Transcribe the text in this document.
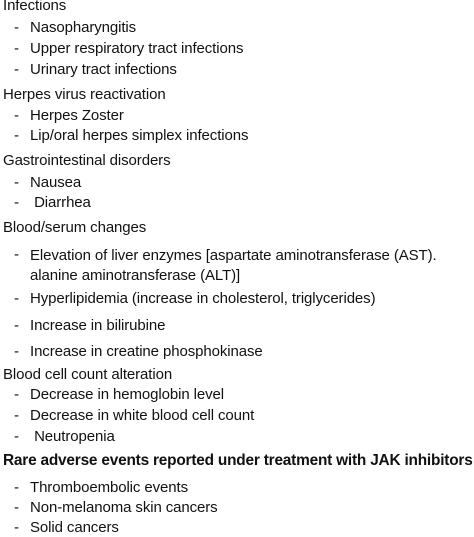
Infections
- Nasopharyngitis
- Upper respiratory tract infections
- Urinary tract infections
Herpes virus reactivation
- Herpes Zoster
- Lip/oral herpes simplex infections
Gastrointestinal disorders
- Nausea
- Diarrhea
Blood/serum changes
- Elevation of liver enzymes [aspartate aminotransferase (AST). alanine aminotransferase (ALT)]
- Hyperlipidemia (increase in cholesterol, triglycerides)
- Increase in bilirubine
- Increase in creatine phosphokinase
Blood cell count alteration
- Decrease in hemoglobin level
- Decrease in white blood cell count
- Neutropenia
Rare adverse events reported under treatment with JAK inhibitors
- Thromboembolic events
- Non-melanoma skin cancers
- Solid cancers
